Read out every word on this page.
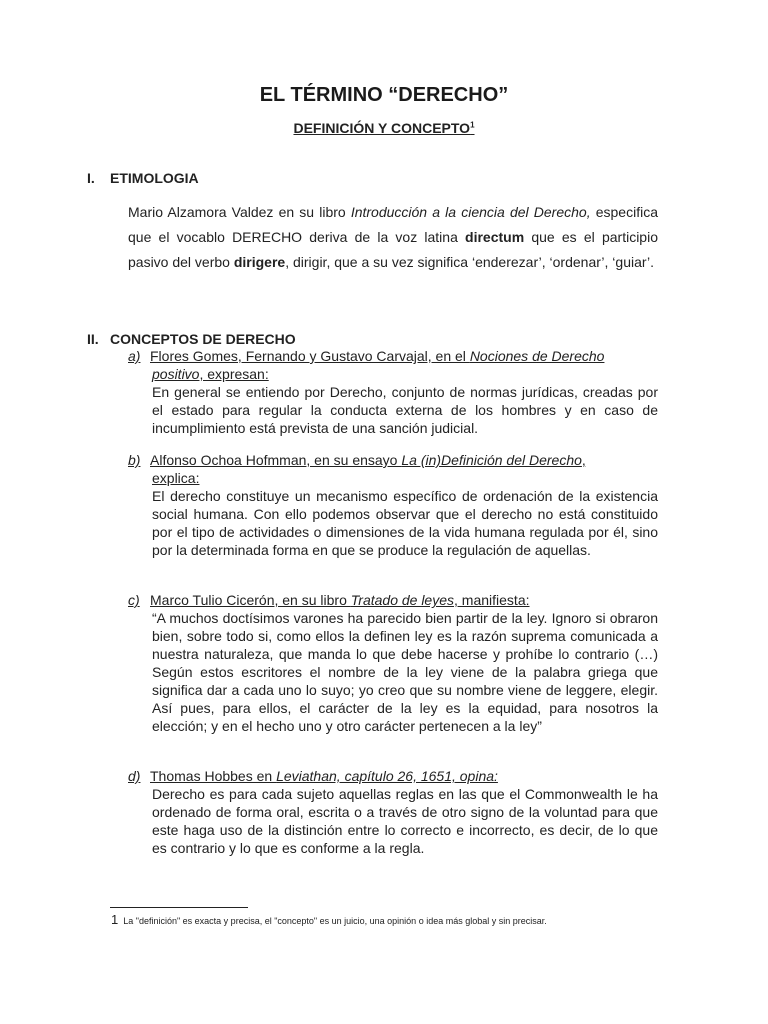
EL TÉRMINO “DERECHO”
DEFINICIÓN Y CONCEPTO$^1$
I. ETIMOLOGIA
Mario Alzamora Valdez en su libro Introducción a la ciencia del Derecho, especifica que el vocablo DERECHO deriva de la voz latina directum que es el participio pasivo del verbo dirigere, dirigir, que a su vez significa ‘enderezar’, ‘ordenar’, ‘guiar’.
II. CONCEPTOS DE DERECHO
a) Flores Gomes, Fernando y Gustavo Carvajal, en el Nociones de Derecho
positivo, expresan:
En general se entiendo por Derecho, conjunto de normas jurídicas, creadas por el estado para regular la conducta externa de los hombres y en caso de incumplimiento está prevista de una sanción judicial.
b) Alfonso Ochoa Hofmman, en su ensayo La (in)Definición del Derecho,
explica:
El derecho constituye un mecanismo específico de ordenación de la existencia social humana. Con ello podemos observar que el derecho no está constituido por el tipo de actividades o dimensiones de la vida humana regulada por él, sino por la determinada forma en que se produce la regulación de aquellas.
c) Marco Tulio Cicerón, en su libro Tratado de leyes, manifiesta:
“A muchos doctísimos varones ha parecido bien partir de la ley. Ignoro si obraron bien, sobre todo si, como ellos la definen ley es la razón suprema comunicada a nuestra naturaleza, que manda lo que debe hacerse y prohíbe lo contrario (…) Según estos escritores el nombre de la ley viene de la palabra griega que significa dar a cada uno lo suyo; yo creo que su nombre viene de leggere, elegir. Así pues, para ellos, el carácter de la ley es la equidad, para nosotros la elección; y en el hecho uno y otro carácter pertenecen a la ley”
d) Thomas Hobbes en Leviathan, capítulo 26, 1651, opina:
Derecho es para cada sujeto aquellas reglas en las que el Commonwealth le ha ordenado de forma oral, escrita o a través de otro signo de la voluntad para que este haga uso de la distinción entre lo correcto e incorrecto, es decir, de lo que es contrario y lo que es conforme a la regla.
1 La "definición" es exacta y precisa, el "concepto" es un juicio, una opinión o idea más global y sin precisar.
